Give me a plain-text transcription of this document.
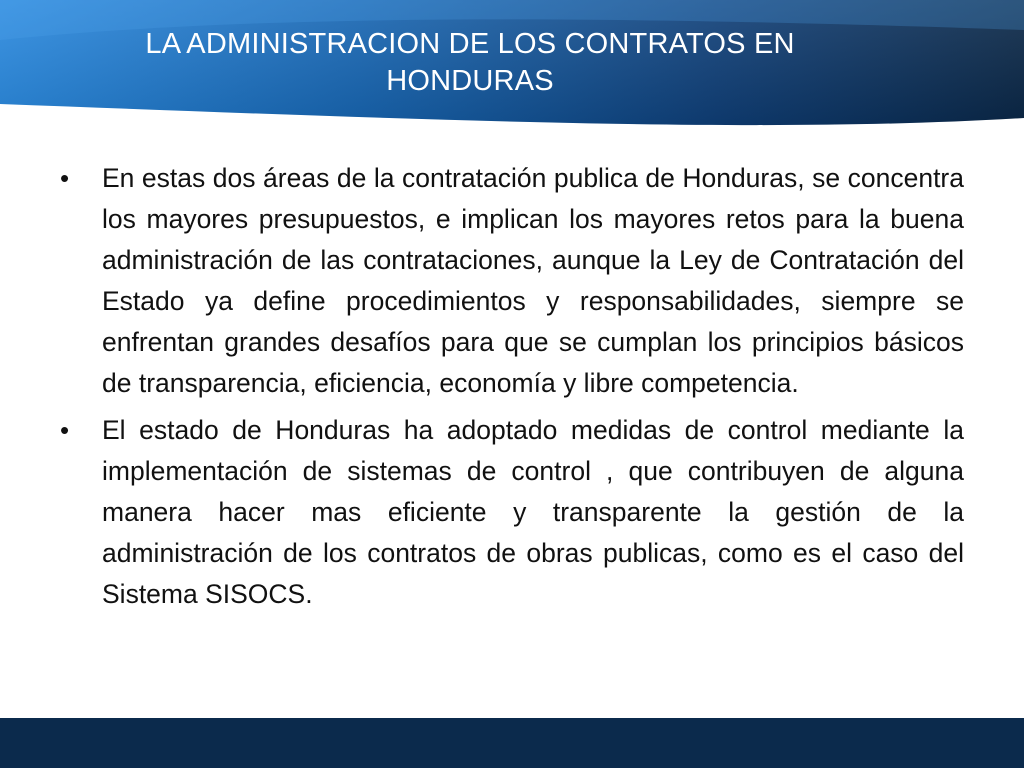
LA ADMINISTRACION DE LOS CONTRATOS EN
HONDURAS
• En estas dos áreas de la contratación publica de Honduras, se concentra los mayores presupuestos, e implican los mayores retos para la buena administración de las contrataciones, aunque la Ley de Contratación del Estado ya define procedimientos y responsabilidades, siempre se enfrentan grandes desafíos para que se cumplan los principios básicos de transparencia, eficiencia, economía y libre competencia.
• El estado de Honduras ha adoptado medidas de control mediante la implementación de sistemas de control , que contribuyen de alguna manera hacer mas eficiente y transparente la gestión de la administración de los contratos de obras publicas, como es el caso del Sistema SISOCS.
